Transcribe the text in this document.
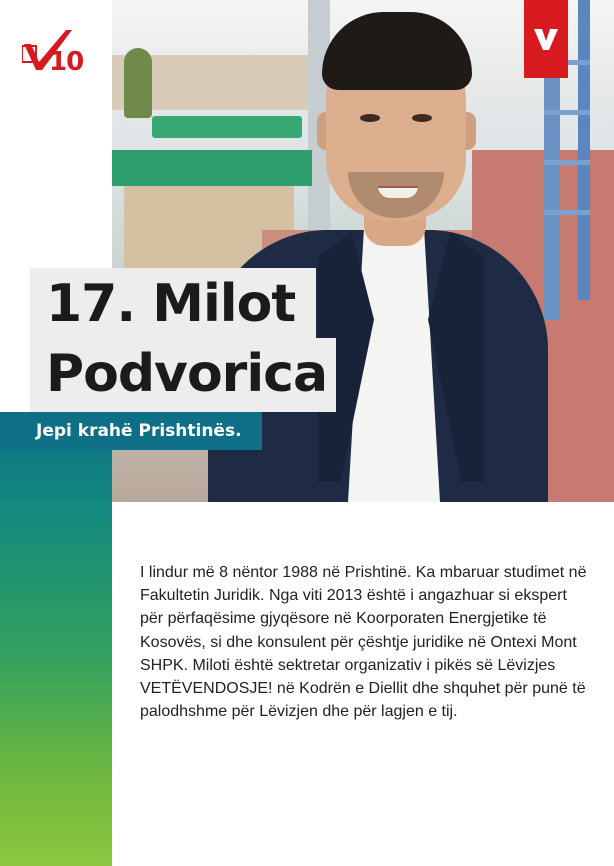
10
17. Milot
Podvorica

Jepi krahë Prishtinës.

I lindur më 8 nëntor 1988 në Prishtinë. Ka mbaruar studimet në Fakultetin Juridik. Nga viti 2013 është i angazhuar si ekspert për përfaqësime gjyqësore në Koorporaten Energjetike të Kosovës, si dhe konsulent për çështje juridike në Ontexi Mont SHPK. Miloti është sektretar organizativ i pikës së Lëvizjes VETËVENDOSJE! në Kodrën e Diellit dhe shquhet për punë të palodhshme për Lëvizjen dhe për lagjen e tij.
